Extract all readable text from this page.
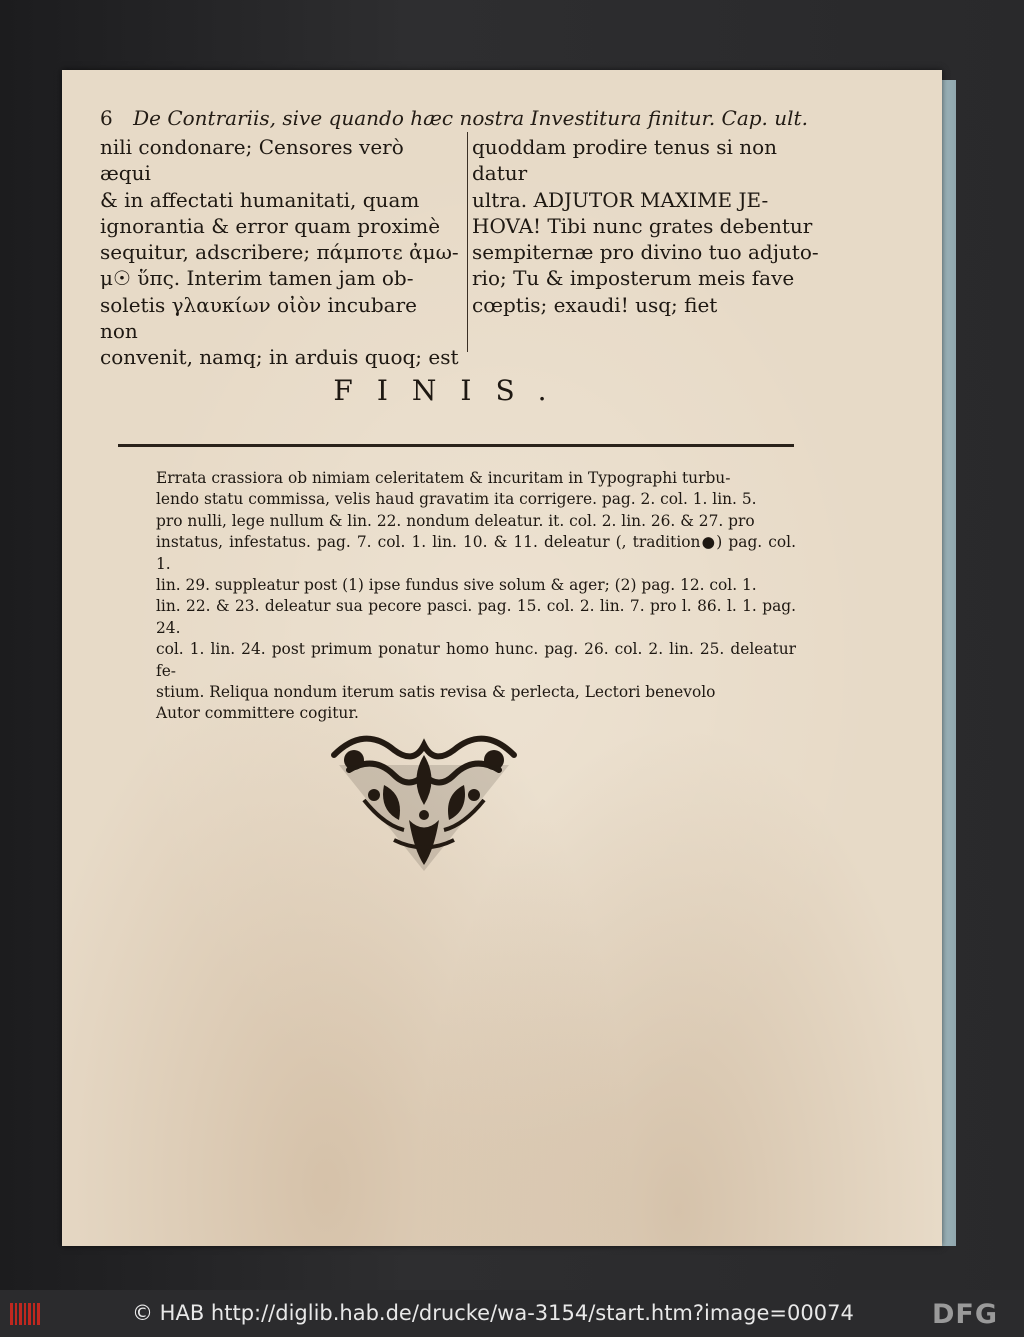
6 De Contrariis, sive quando hæc nostra Investitura finitur. Cap. ult.
nili condonare; Censores verò æqui
& in affectati humanitati, quam
ignorantia & error quam proximè
sequitur, adscribere; πάμποτε ἀμω-
μ☉ ὕπς. Interim tamen jam ob-
soletis γλαυκίων οἰὸν incubare non
convenit, namq; in arduis quoq; est
quoddam prodire tenus si non datur
ultra. ADJUTOR MAXIME JE-
HOVA! Tibi nunc grates debentur
sempiternæ pro divino tuo adjuto-
rio; Tu & imposterum meis fave
cœptis; exaudi! usq; fiet
FINIS.
Errata crassiora ob nimiam celeritatem & incuritam in Typographi turbu-
lendo statu commissa, velis haud gravatim ita corrigere. pag. 2. col. 1. lin. 5.
pro nulli, lege nullum & lin. 22. nondum deleatur. it. col. 2. lin. 26. & 27. pro
instatus, infestatus. pag. 7. col. 1. lin. 10. & 11. deleatur (, tradition●) pag. col. 1.
lin. 29. suppleatur post (1) ipse fundus sive solum & ager; (2) pag. 12. col. 1.
lin. 22. & 23. deleatur sua pecore pasci. pag. 15. col. 2. lin. 7. pro l. 86. l. 1. pag. 24.
col. 1. lin. 24. post primum ponatur homo hunc. pag. 26. col. 2. lin. 25. deleatur fe-
stium. Reliqua nondum iterum satis revisa & perlecta, Lectori benevolo
Autor committere cogitur.
© HAB http://diglib.hab.de/drucke/wa-3154/start.htm?image=00074	DFG
